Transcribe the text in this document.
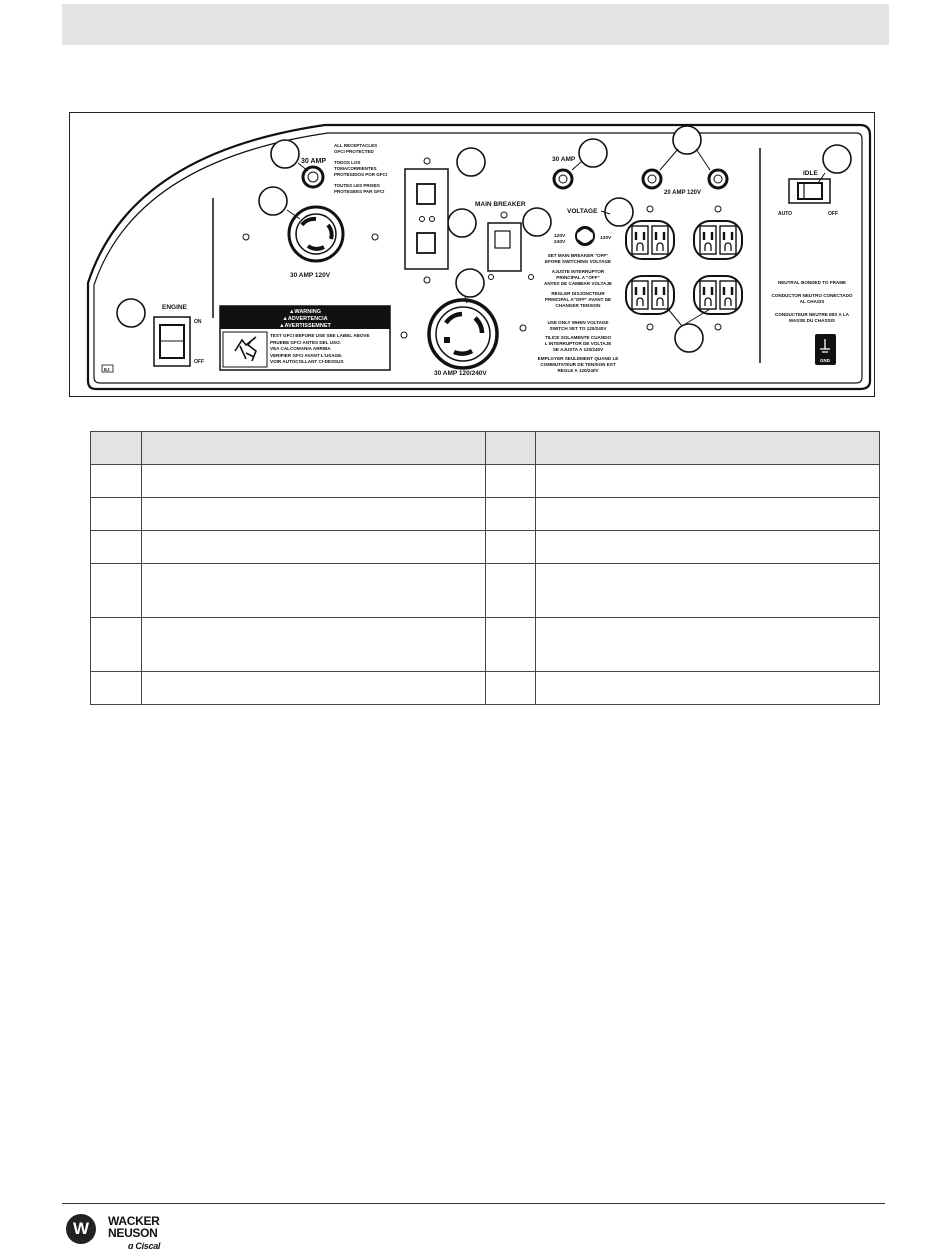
30 AMP
ALL RECEPTACLES
GFCI PROTECTED
TODOS LOS
TOMACORRIENTES
PROTEGIDOS POR GFCI
TOUTES LES PRISES
PROTEGEES PAR GFCI
30 AMP 120V
MAIN BREAKER
30 AMP 120/240V
▲WARNING
▲ADVERTENCIA
▲AVERTISSEMNET
TEST GFCI BEFORE USE SEE LABEL ABOVE
PRUEBE GFCI ANTES DEL USO.
VEA CALCOMANIA ARRIBA
VERIFIER GFCI AVANT L'USAGE.
VOIR AUTOCOLLANT CI-DESSUS
ENGINE
ON
OFF
EJ
30 AMP
20 AMP 120V
VOLTAGE
120V
240V
120V
SET MAIN BREAKER "OFF"
EFORE SWITCHING VOLTAGE
AJUSTE INTERRUPTOR
PRINCIPAL A "OFF"
ANTES DE CAMBIAR VOLTAJE
REGLER DISJONCTEUR
PRINCIPAL A"OFF" AVANT DE
CHANGER TENSION
USE ONLY WHEN VOLTAGE
SWITCH SET TO 120/240V
TILICE SOLAMENTE CUANDO
L INTERRUPTOR DE VOLTAJE
SE AJUSTA A 120/240V
EMPLOYER SEULEMENT QUAND LE
COMMUTATEUR DE TENSION EST
REGLE A 120/240V
IDLE
AUTO	OFF
NEUTRAL BONDED TO FRAME
CONDUCTOR NEUTRO CONECTADO
AL CHASIS
CONDUCTEUR NEUTRE MIS A LA
MASSE DU CHASSIS
GND

W	WACKER
NEUSON
ɑ Ciscal
